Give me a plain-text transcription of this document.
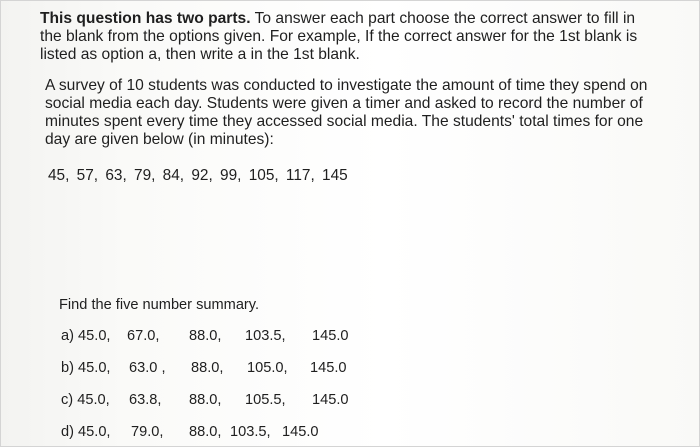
This question has two parts. To answer each part choose the correct answer to fill in the blank from the options given. For example, If the correct answer for the 1st blank is listed as option a, then write a in the 1st blank.

A survey of 10 students was conducted to investigate the amount of time they spend on social media each day. Students were given a timer and asked to record the number of minutes spent every time they accessed social media. The students' total times for one day are given below (in minutes):

45, 57, 63, 79, 84, 92, 99, 105, 117, 145
Find the five number summary.
a) 45.0, 67.0, 88.0, 103.5, 145.0
b) 45.0, 63.0 , 88.0, 105.0, 145.0
c) 45.0, 63.8, 88.0, 105.5, 145.0
d) 45.0, 79.0, 88.0, 103.5, 145.0
